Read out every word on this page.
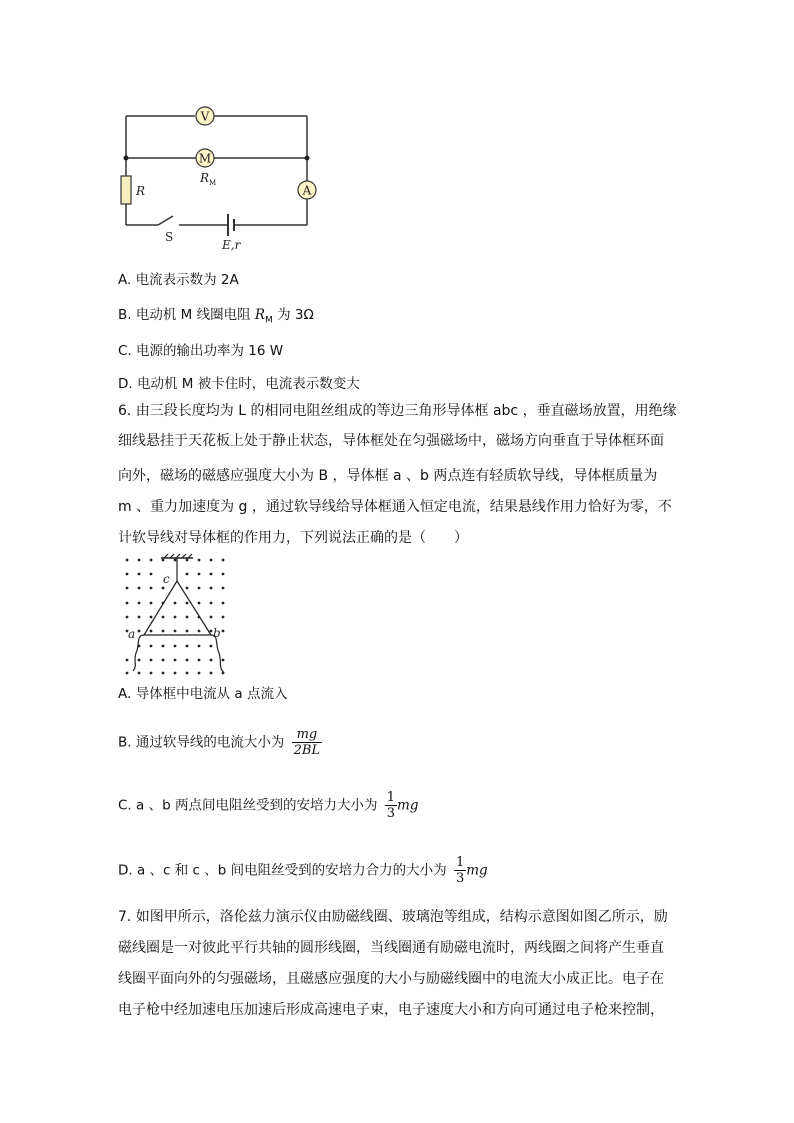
V
M
A
R
R M
S
E,r
A. 电流表示数为 2A
B. 电动机 M 线圈电阻 $R_M$ 为 3Ω
C. 电源的输出功率为 16 W
D. 电动机 M 被卡住时，电流表示数变大
6. 由三段长度均为 L 的相同电阻丝组成的等边三角形导体框 abc ，垂直磁场放置，用绝缘
细线悬挂于天花板上处于静止状态，导体框处在匀强磁场中，磁场方向垂直于导体框环面
向外，磁场的磁感应强度大小为 B ，导体框 a 、b 两点连有轻质软导线，导体框质量为
m 、重力加速度为 g ，通过软导线给导体框通入恒定电流，结果悬线作用力恰好为零，不
计软导线对导体框的作用力，下列说法正确的是（　　）
c
a	b
A. 导体框中电流从 a 点流入
B. 通过软导线的电流大小为 $\frac{mg}{2BL}$
C. a 、b 两点间电阻丝受到的安培力大小为 $\frac{1}{3}$ mg
D. a 、c 和 c 、b 间电阻丝受到的安培力合力的大小为 $\frac{1}{3}$ mg
7. 如图甲所示，洛伦兹力演示仪由励磁线圈、玻璃泡等组成，结构示意图如图乙所示，励
磁线圈是一对彼此平行共轴的圆形线圈，当线圈通有励磁电流时，两线圈之间将产生垂直
线圈平面向外的匀强磁场，且磁感应强度的大小与励磁线圈中的电流大小成正比。电子在
电子枪中经加速电压加速后形成高速电子束，电子速度大小和方向可通过电子枪来控制，
